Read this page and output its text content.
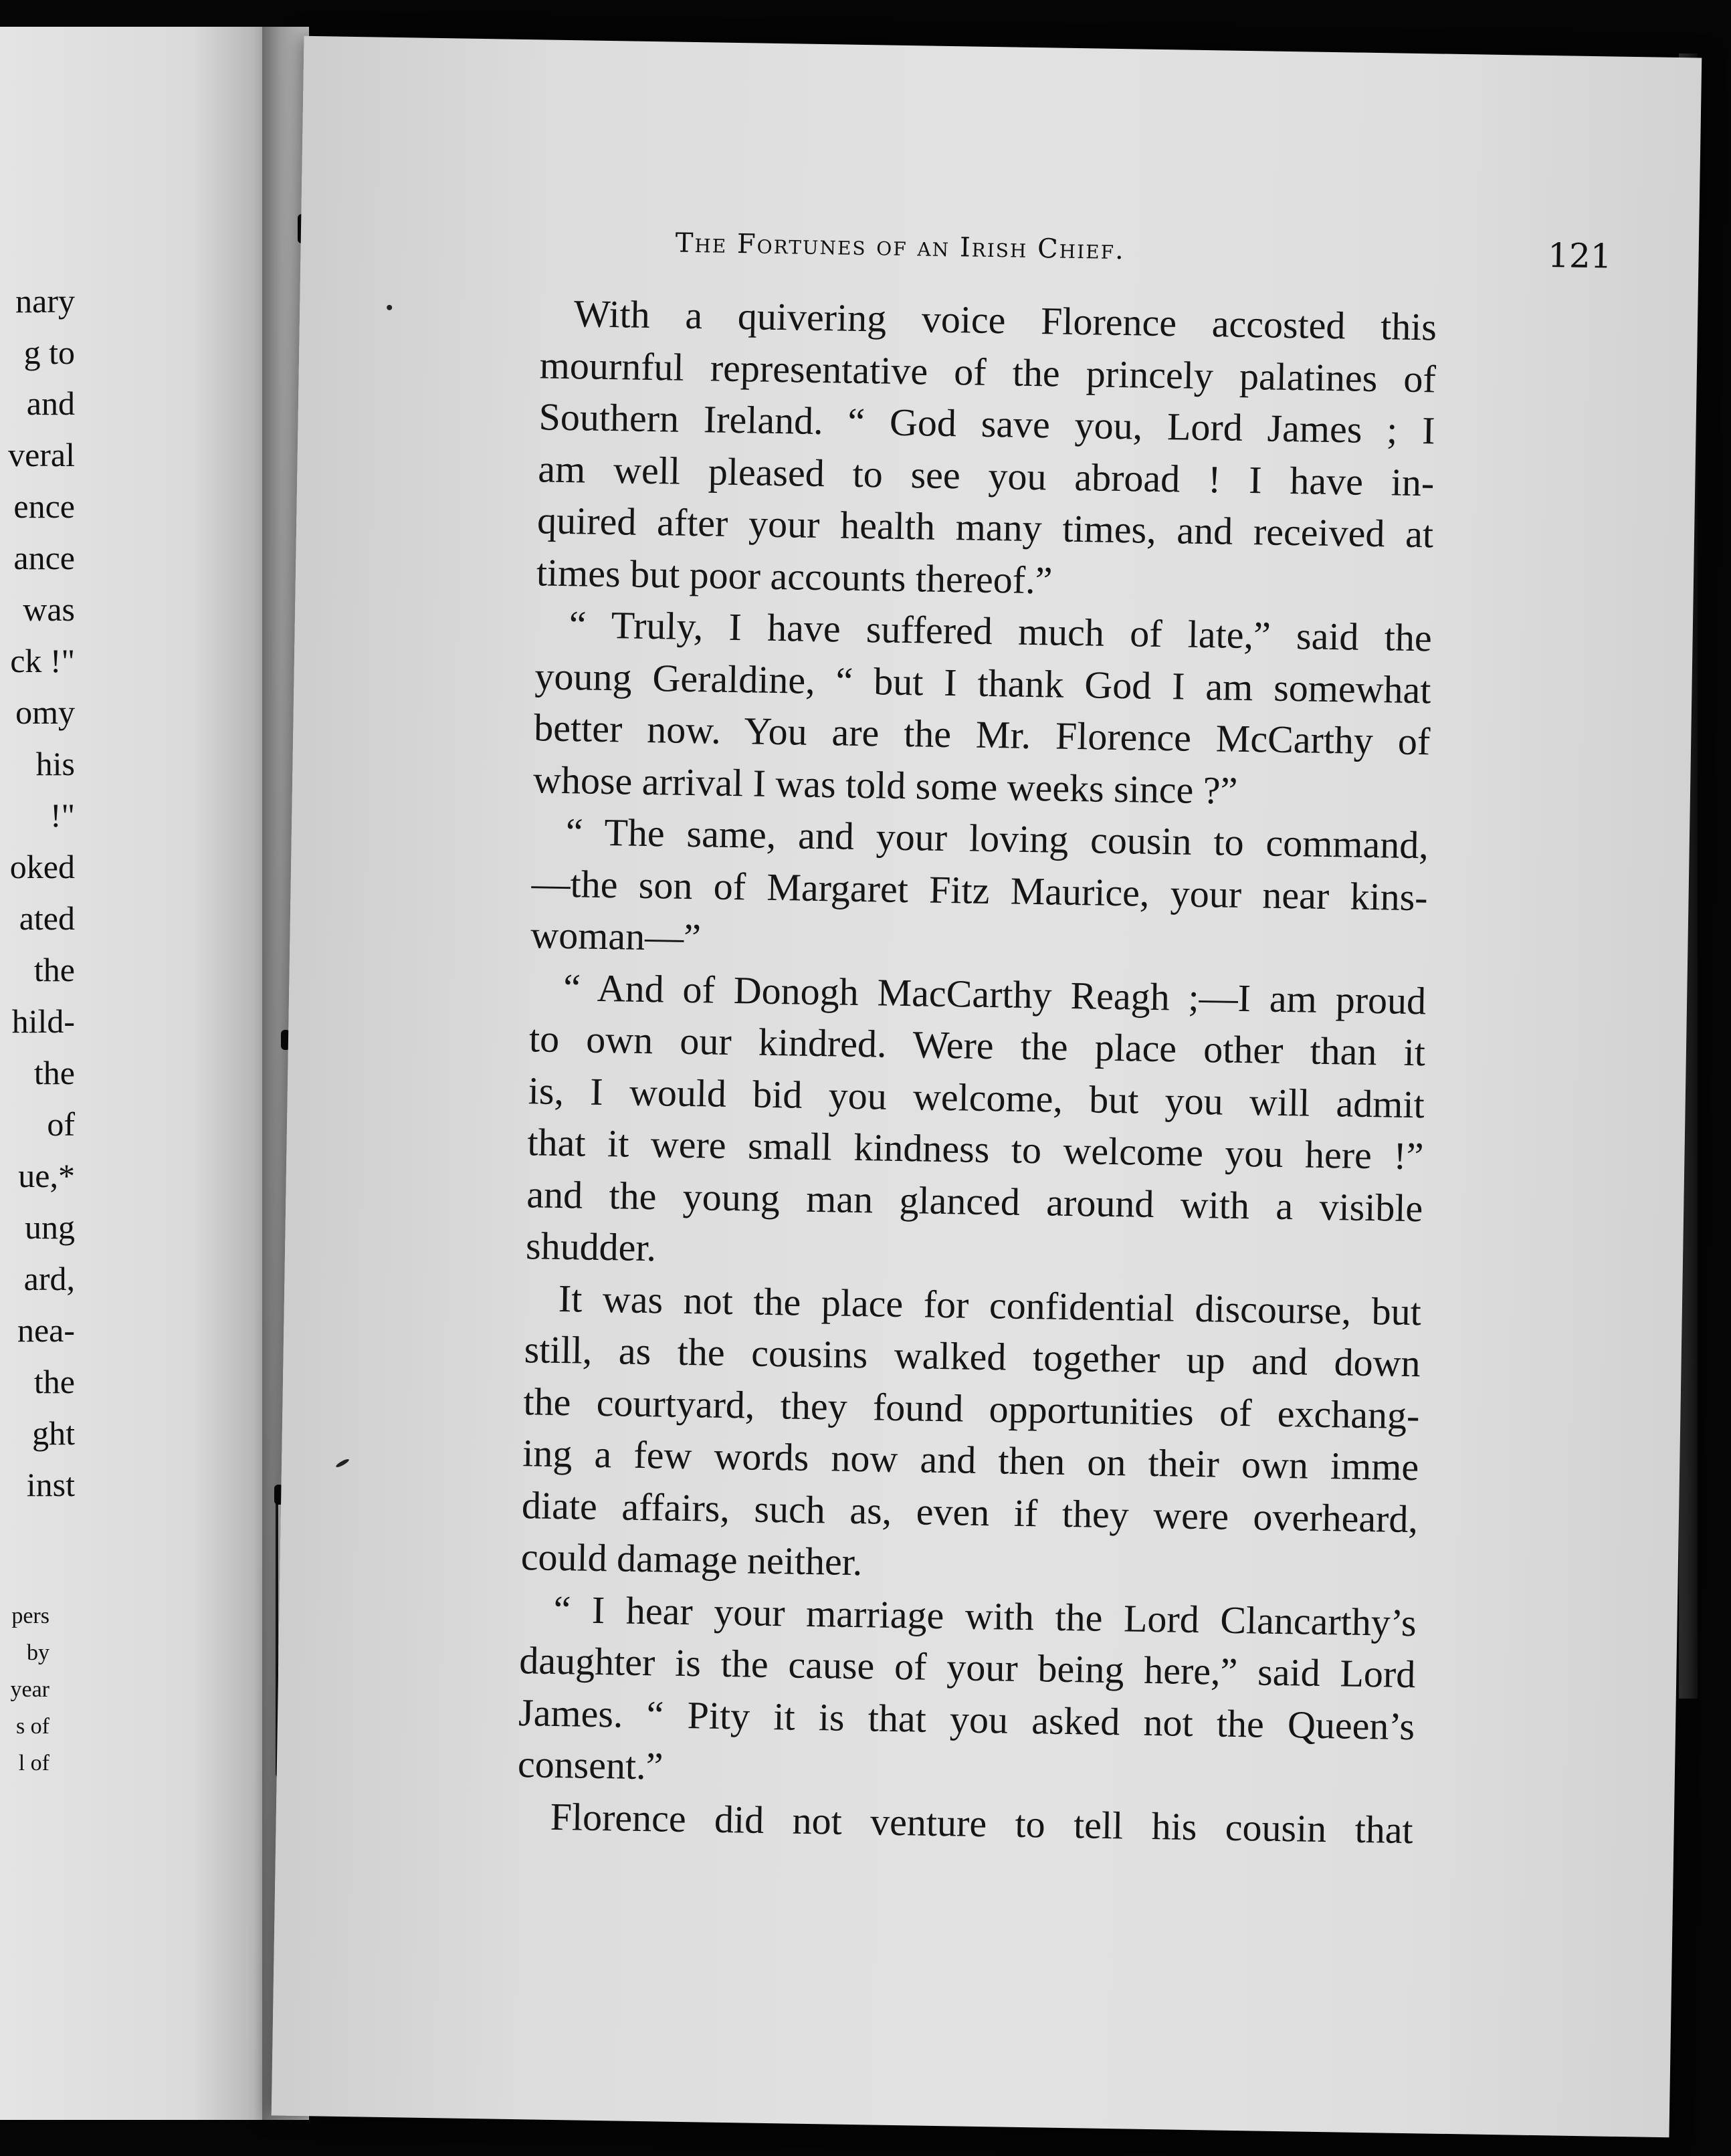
nary
g to
and
veral
ence
ance
was
ck !"
omy
his
!"
oked
ated
the
hild-
the
of
ue,*
ung
ard,
nea-
the
ght
inst
pers
by
year
s of
l of
The Fortunes of an Irish Chief.	121
With a quivering voice Florence accosted this
mournful representative of the princely palatines of
Southern Ireland. “ God save you, Lord James ; I
am well pleased to see you abroad ! I have in-
quired after your health many times, and received at
times but poor accounts thereof.”
“ Truly, I have suffered much of late,” said the
young Geraldine, “ but I thank God I am somewhat
better now. You are the Mr. Florence McCarthy of
whose arrival I was told some weeks since ?”
“ The same, and your loving cousin to command,
—the son of Margaret Fitz Maurice, your near kins-
woman—”
“ And of Donogh MacCarthy Reagh ;—I am proud
to own our kindred. Were the place other than it
is, I would bid you welcome, but you will admit
that it were small kindness to welcome you here !”
and the young man glanced around with a visible
shudder.
It was not the place for confidential discourse, but
still, as the cousins walked together up and down
the courtyard, they found opportunities of exchang-
ing a few words now and then on their own imme
diate affairs, such as, even if they were overheard,
could damage neither.
“ I hear your marriage with the Lord Clancarthy’s
daughter is the cause of your being here,” said Lord
James. “ Pity it is that you asked not the Queen’s
consent.”
Florence did not venture to tell his cousin that
